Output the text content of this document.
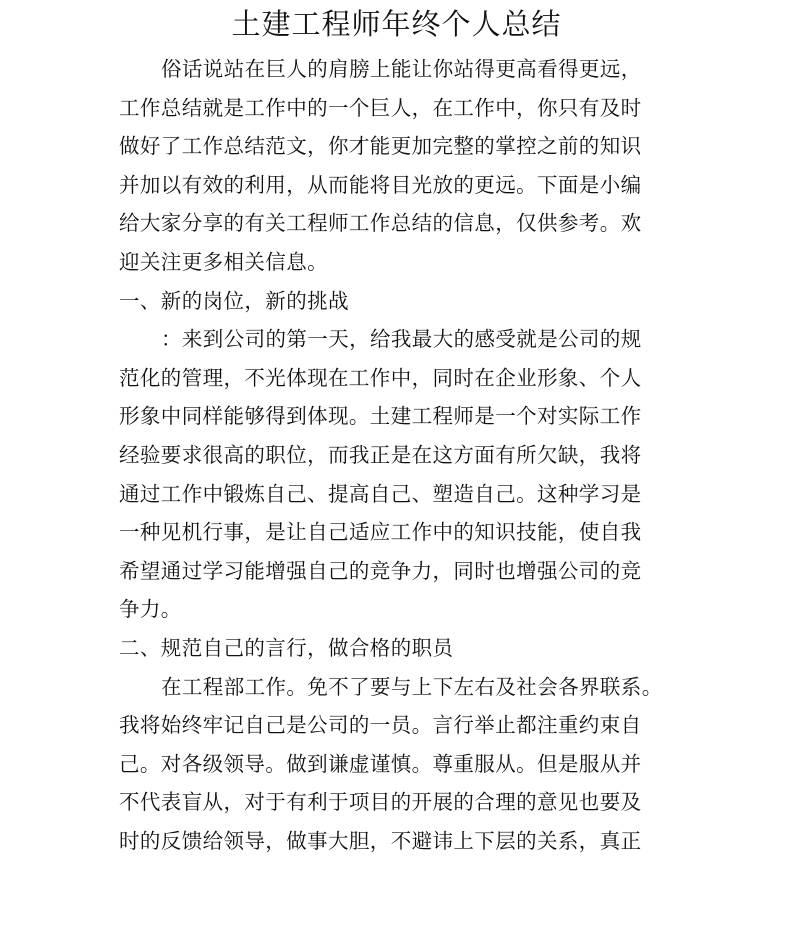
土建工程师年终个人总结
俗话说站在巨人的肩膀上能让你站得更高看得更远，
工作总结就是工作中的一个巨人，在工作中，你只有及时
做好了工作总结范文，你才能更加完整的掌控之前的知识
并加以有效的利用，从而能将目光放的更远。下面是小编
给大家分享的有关工程师工作总结的信息，仅供参考。欢
迎关注更多相关信息。
一、新的岗位，新的挑战
：来到公司的第一天，给我最大的感受就是公司的规
范化的管理，不光体现在工作中，同时在企业形象、个人
形象中同样能够得到体现。土建工程师是一个对实际工作
经验要求很高的职位，而我正是在这方面有所欠缺，我将
通过工作中锻炼自己、提高自己、塑造自己。这种学习是
一种见机行事，是让自己适应工作中的知识技能，使自我
希望通过学习能增强自己的竞争力，同时也增强公司的竞
争力。
二、规范自己的言行，做合格的职员
在工程部工作。免不了要与上下左右及社会各界联系。
我将始终牢记自己是公司的一员。言行举止都注重约束自
己。对各级领导。做到谦虚谨慎。尊重服从。但是服从并
不代表盲从，对于有利于项目的开展的合理的意见也要及
时的反馈给领导，做事大胆，不避讳上下层的关系，真正
